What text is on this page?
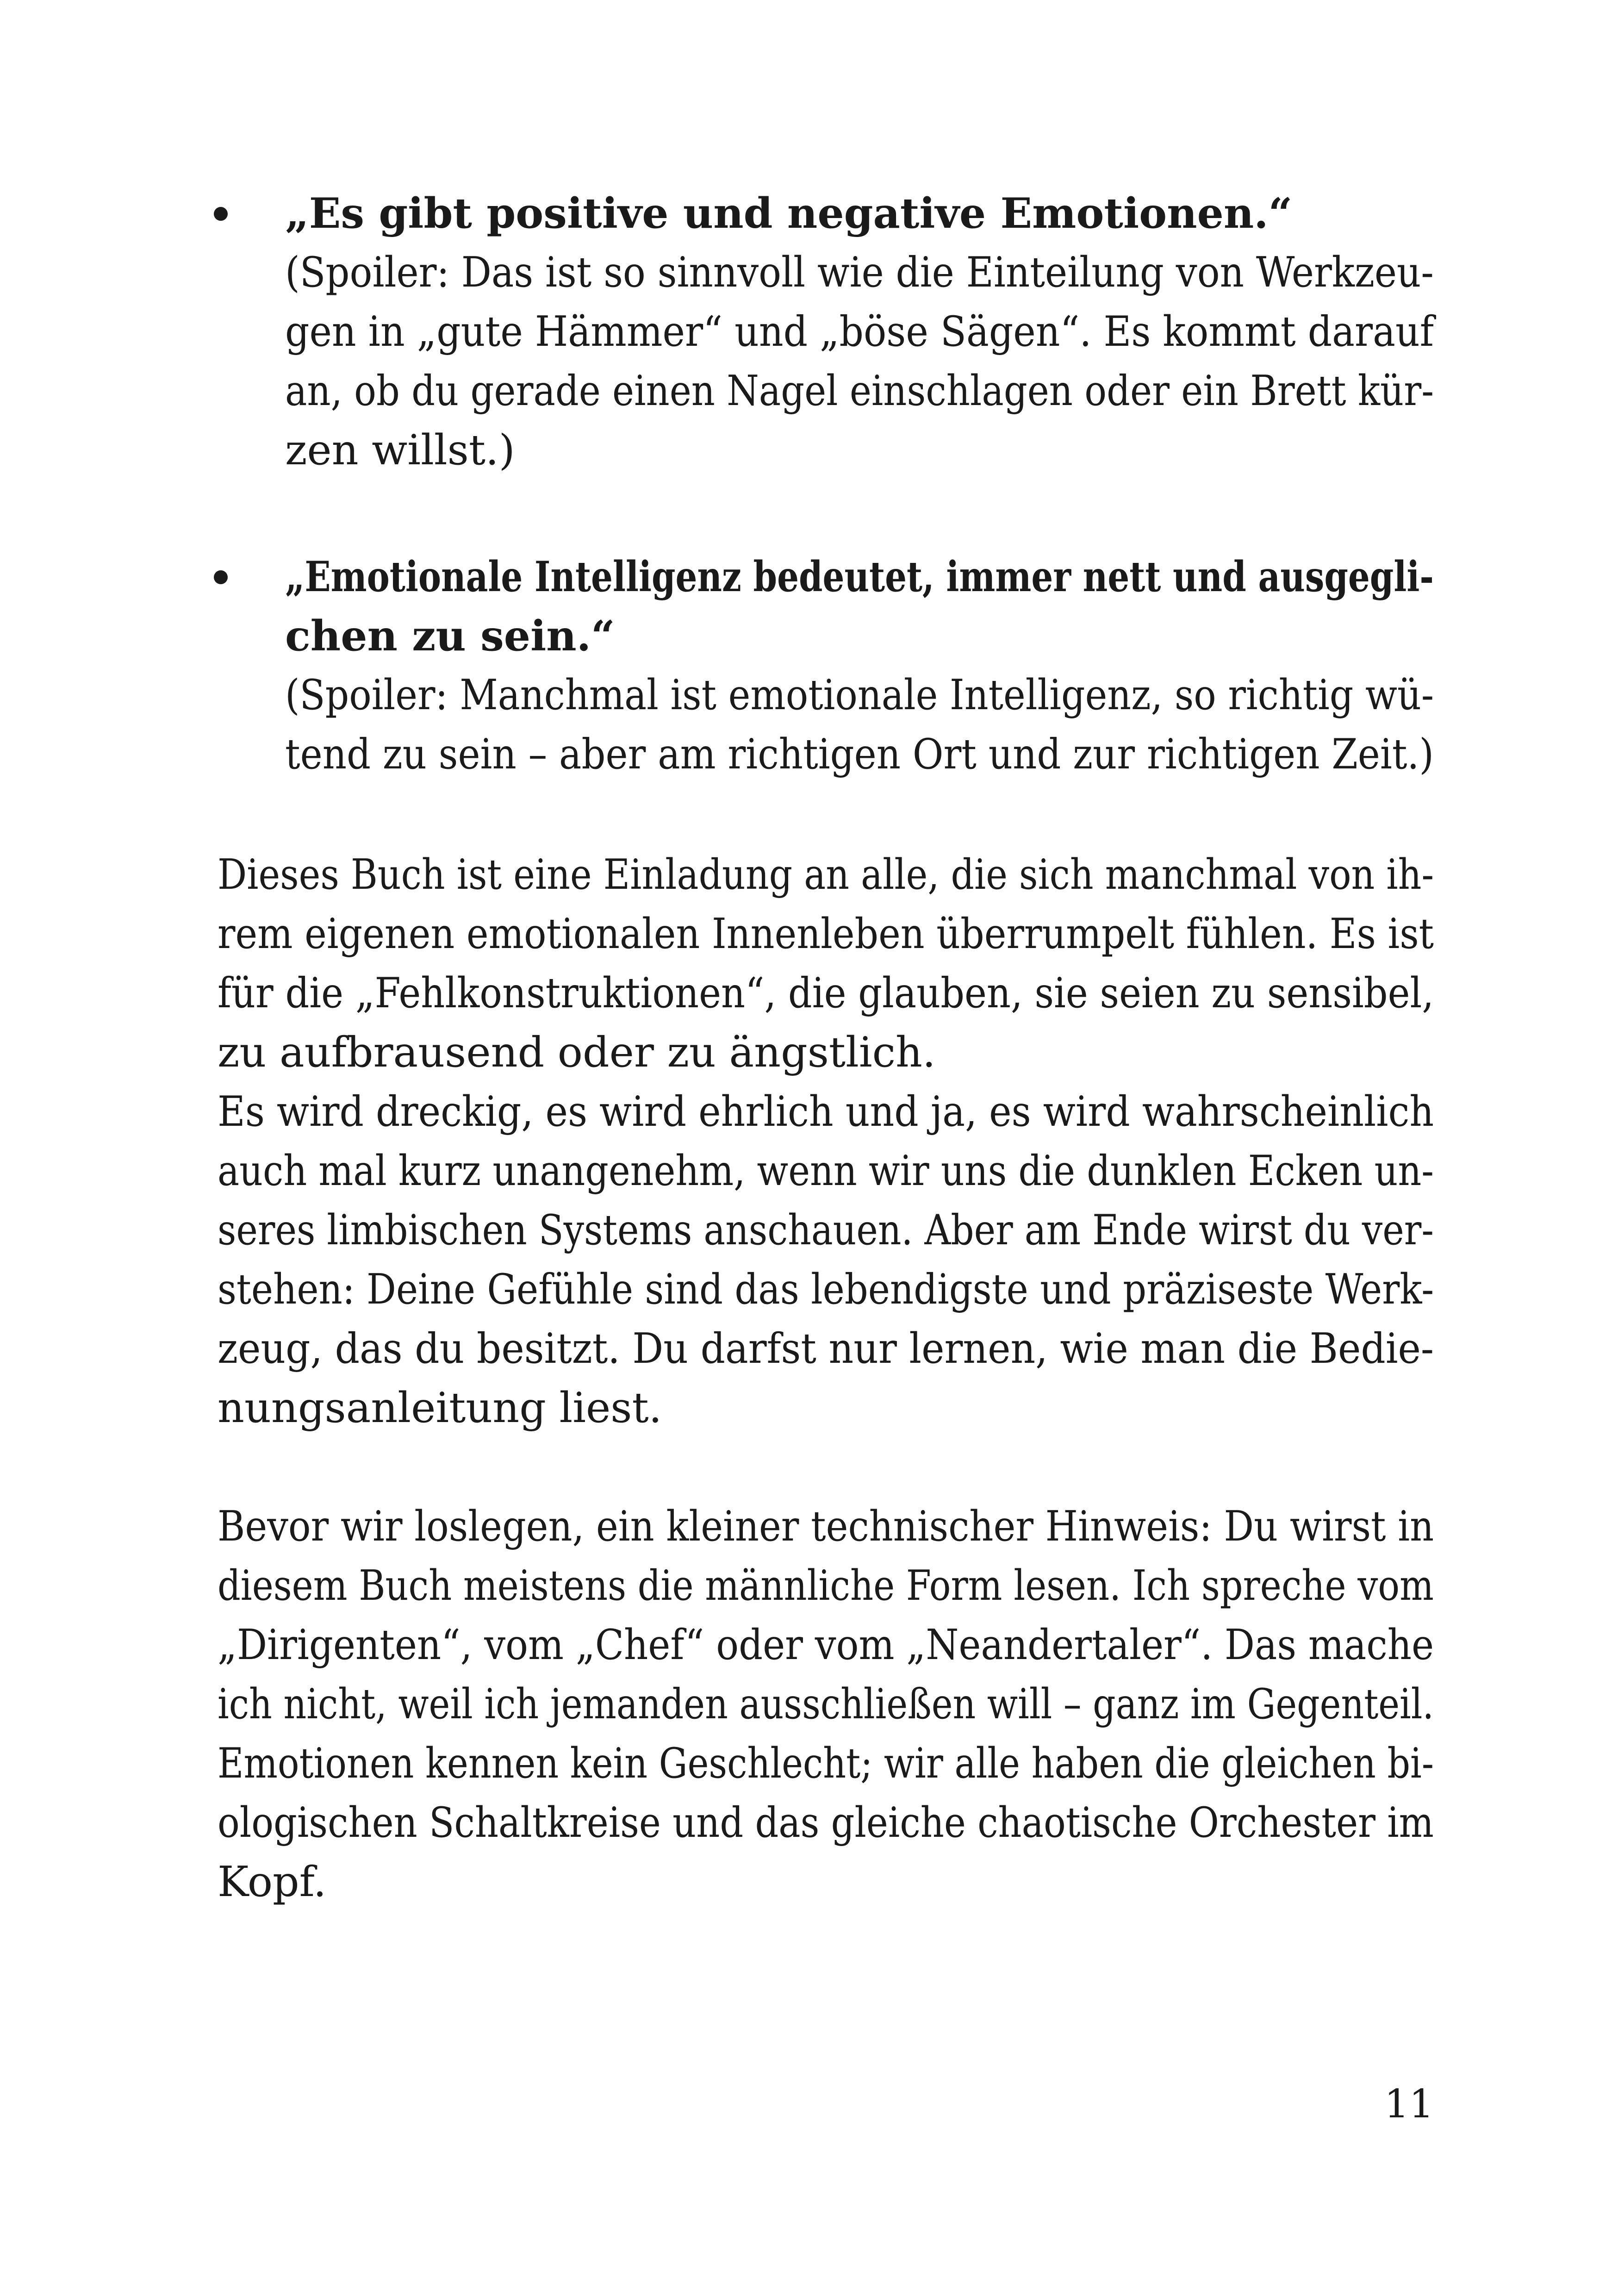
„Es gibt positive und negative Emotionen.“

(Spoiler: Das ist so sinnvoll wie die Einteilung von Werkzeu-

gen in „gute Hämmer“ und „böse Sägen“. Es kommt darauf

an, ob du gerade einen Nagel einschlagen oder ein Brett kür-

zen willst.)

„Emotionale Intelligenz bedeutet, immer nett und ausgegli-

chen zu sein.“

(Spoiler: Manchmal ist emotionale Intelligenz, so richtig wü-

tend zu sein – aber am richtigen Ort und zur richtigen Zeit.)

Dieses Buch ist eine Einladung an alle, die sich manchmal von ih-

rem eigenen emotionalen Innenleben überrumpelt fühlen. Es ist

für die „Fehlkonstruktionen“, die glauben, sie seien zu sensibel,

zu aufbrausend oder zu ängstlich.

Es wird dreckig, es wird ehrlich und ja, es wird wahrscheinlich

auch mal kurz unangenehm, wenn wir uns die dunklen Ecken un-

seres limbischen Systems anschauen. Aber am Ende wirst du ver-

stehen: Deine Gefühle sind das lebendigste und präziseste Werk-

zeug, das du besitzt. Du darfst nur lernen, wie man die Bedie-

nungsanleitung liest.

Bevor wir loslegen, ein kleiner technischer Hinweis: Du wirst in

diesem Buch meistens die männliche Form lesen. Ich spreche vom

„Dirigenten“, vom „Chef“ oder vom „Neandertaler“. Das mache

ich nicht, weil ich jemanden ausschließen will – ganz im Gegenteil.

Emotionen kennen kein Geschlecht; wir alle haben die gleichen bi-

ologischen Schaltkreise und das gleiche chaotische Orchester im

Kopf.

11
